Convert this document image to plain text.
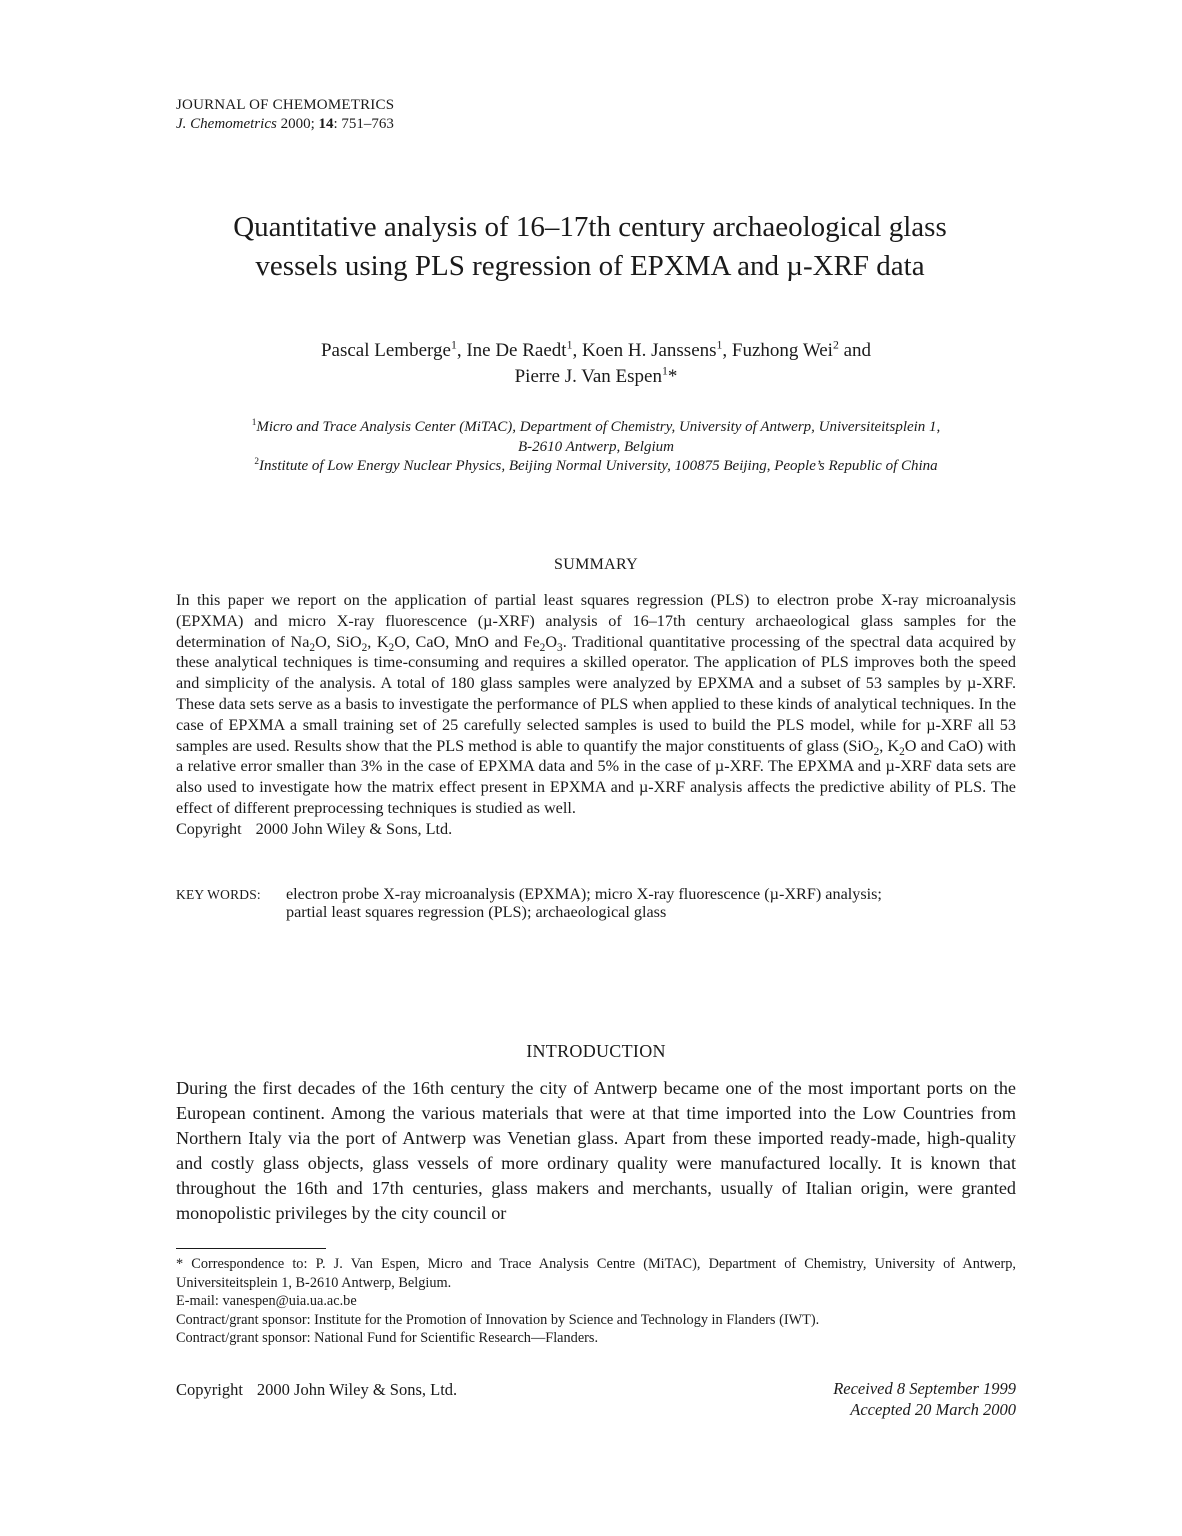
JOURNAL OF CHEMOMETRICS
J. Chemometrics 2000; 14: 751–763
Quantitative analysis of 16–17th century archaeological glass
vessels using PLS regression of EPXMA and µ-XRF data
Pascal Lemberge$^1$, Ine De Raedt$^1$, Koen H. Janssens$^1$, Fuzhong Wei$^2$ and
Pierre J. Van Espen$^1$*
$^1$Micro and Trace Analysis Center (MiTAC), Department of Chemistry, University of Antwerp, Universiteitsplein 1,
B-2610 Antwerp, Belgium
$^2$Institute of Low Energy Nuclear Physics, Beijing Normal University, 100875 Beijing, People’s Republic of China
SUMMARY
In this paper we report on the application of partial least squares regression (PLS) to electron probe X-ray microanalysis (EPXMA) and micro X-ray fluorescence (µ-XRF) analysis of 16–17th century archaeological glass samples for the determination of $Na_2O$, SiO$_2$, $K_2O$, CaO, MnO and $Fe_2O_3$. Traditional quantitative processing of the spectral data acquired by these analytical techniques is time-consuming and requires a skilled operator. The application of PLS improves both the speed and simplicity of the analysis. A total of 180 glass samples were analyzed by EPXMA and a subset of 53 samples by µ-XRF. These data sets serve as a basis to investigate the performance of PLS when applied to these kinds of analytical techniques. In the case of EPXMA a small training set of 25 carefully selected samples is used to build the PLS model, while for µ-XRF all 53 samples are used. Results show that the PLS method is able to quantify the major constituents of glass (SiO$_2$, $K_2O$ and CaO) with a relative error smaller than 3% in the case of EPXMA data and 5% in the case of µ-XRF. The EPXMA and µ-XRF data sets are also used to investigate how the matrix effect present in EPXMA and µ-XRF analysis affects the predictive ability of PLS. The effect of different preprocessing techniques is studied as well.
Copyright 2000 John Wiley & Sons, Ltd.
KEY WORDS:	electron probe X-ray microanalysis (EPXMA); micro X-ray fluorescence (µ-XRF) analysis;
partial least squares regression (PLS); archaeological glass
INTRODUCTION
During the first decades of the 16th century the city of Antwerp became one of the most important ports on the European continent. Among the various materials that were at that time imported into the Low Countries from Northern Italy via the port of Antwerp was Venetian glass. Apart from these imported ready-made, high-quality and costly glass objects, glass vessels of more ordinary quality were manufactured locally. It is known that throughout the 16th and 17th centuries, glass makers and merchants, usually of Italian origin, were granted monopolistic privileges by the city council or

* Correspondence to: P. J. Van Espen, Micro and Trace Analysis Centre (MiTAC), Department of Chemistry, University of Antwerp, Universiteitsplein 1, B-2610 Antwerp, Belgium.

E-mail: vanespen@uia.ua.ac.be

Contract/grant sponsor: Institute for the Promotion of Innovation by Science and Technology in Flanders (IWT).

Contract/grant sponsor: National Fund for Scientific Research—Flanders.

Copyright 2000 John Wiley & Sons, Ltd.	Received 8 September 1999
Accepted 20 March 2000
